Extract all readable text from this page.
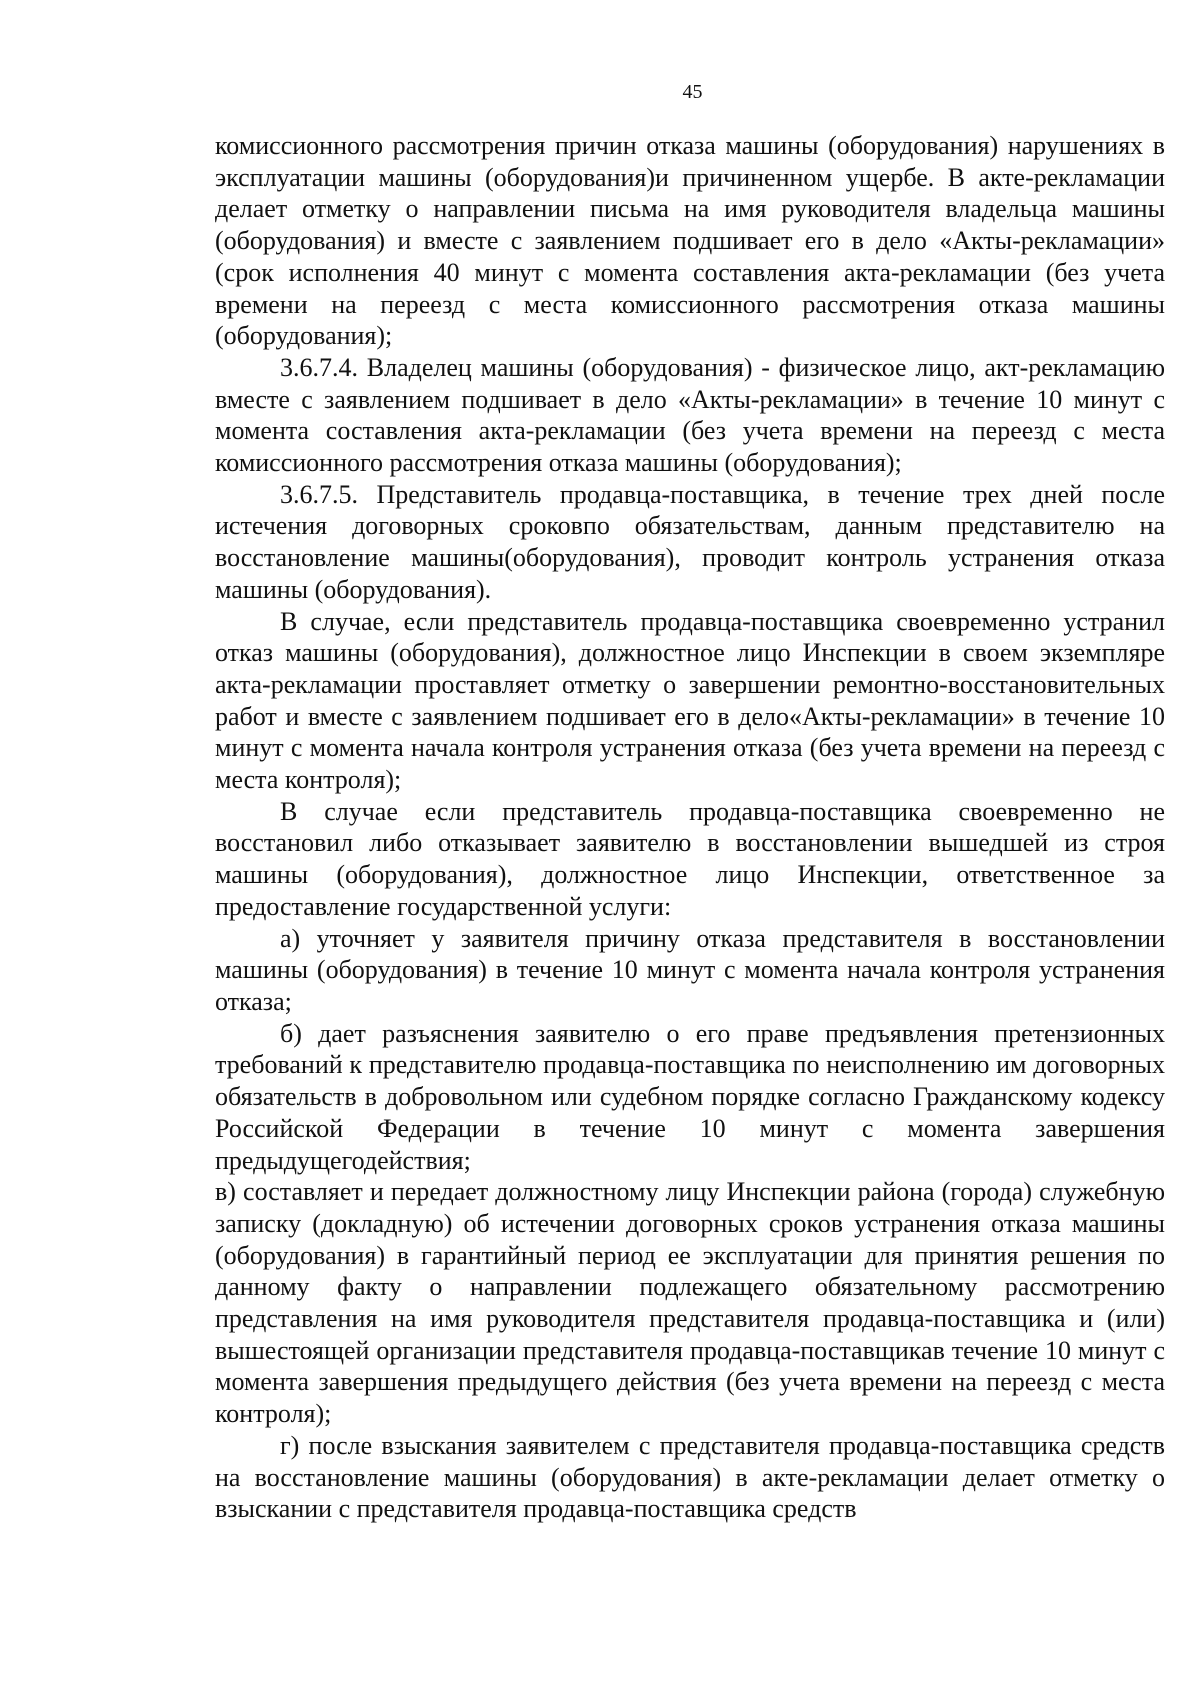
45

комиссионного рассмотрения причин отказа машины (оборудования) нарушениях в эксплуатации машины (оборудования)и причиненном ущербе. В акте-рекламации делает отметку о направлении письма на имя руководителя владельца машины (оборудования) и вместе с заявлением подшивает его в дело «Акты-рекламации» (срок исполнения 40 минут с момента составления акта-рекламации (без учета времени на переезд с места комиссионного рассмотрения отказа машины (оборудования);

3.6.7.4. Владелец машины (оборудования) - физическое лицо, акт-рекламацию вместе с заявлением подшивает в дело «Акты-рекламации» в течение 10 минут с момента составления акта-рекламации (без учета времени на переезд с места комиссионного рассмотрения отказа машины (оборудования);

3.6.7.5. Представитель продавца-поставщика, в течение трех дней после истечения договорных сроковпо обязательствам, данным представителю на восстановление машины(оборудования), проводит контроль устранения отказа машины (оборудования).

В случае, если представитель продавца-поставщика своевременно устранил отказ машины (оборудования), должностное лицо Инспекции в своем экземпляре акта-рекламации проставляет отметку о завершении ремонтно-восстановительных работ и вместе с заявлением подшивает его в дело«Акты-рекламации» в течение 10 минут с момента начала контроля устранения отказа (без учета времени на переезд с места контроля);

В случае если представитель продавца-поставщика своевременно не восстановил либо отказывает заявителю в восстановлении вышедшей из строя машины (оборудования), должностное лицо Инспекции, ответственное за предоставление государственной услуги:

а) уточняет у заявителя причину отказа представителя в восстановлении машины (оборудования) в течение 10 минут с момента начала контроля устранения отказа;

б) дает разъяснения заявителю о его праве предъявления претензионных требований к представителю продавца-поставщика по неисполнению им договорных обязательств в добровольном или судебном порядке согласно Гражданскому кодексу Российской Федерации в течение 10 минут с момента завершения предыдущегодействия;

в) составляет и передает должностному лицу Инспекции района (города) служебную записку (докладную) об истечении договорных сроков устранения отказа машины (оборудования) в гарантийный период ее эксплуатации для принятия решения по данному факту о направлении подлежащего обязательному рассмотрению представления на имя руководителя представителя продавца-поставщика и (или) вышестоящей организации представителя продавца-поставщикав течение 10 минут с момента завершения предыдущего действия (без учета времени на переезд с места контроля);

г) после взыскания заявителем с представителя продавца-поставщика средств на восстановление машины (оборудования) в акте-рекламации делает отметку о взыскании с представителя продавца-поставщика средств
